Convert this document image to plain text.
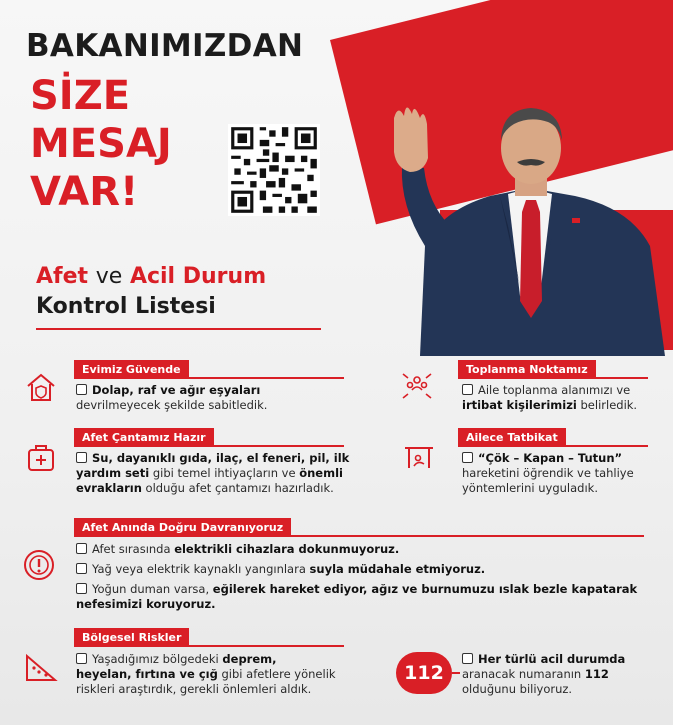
BAKANIMIZDAN
SİZE
MESAJ
VAR!
Afet ve Acil Durum
Kontrol Listesi
Evimiz Güvende
Dolap, raf ve ağır eşyaları
devrilmeyecek şekilde sabitledik.
Toplanma Noktamız
Aile toplanma alanımızı ve
irtibat kişilerimizi belirledik.
Afet Çantamız Hazır
Su, dayanıklı gıda, ilaç, el feneri, pil, ilk
yardım seti gibi temel ihtiyaçların ve önemli
evrakların olduğu afet çantamızı hazırladık.
Ailece Tatbikat
“Çök – Kapan – Tutun”
hareketini öğrendik ve tahliye
yöntemlerini uyguladık.
Afet Anında Doğru Davranıyoruz
Afet sırasında elektrikli cihazlara dokunmuyoruz.
Yağ veya elektrik kaynaklı yangınlara suyla müdahale etmiyoruz.
Yoğun duman varsa, eğilerek hareket ediyor, ağız ve burnumuzu ıslak bezle kapatarak
nefesimizi koruyoruz.
Bölgesel Riskler
Yaşadığımız bölgedeki deprem,
heyelan, fırtına ve çığ gibi afetlere yönelik
riskleri araştırdık, gerekli önlemleri aldık.
112
Her türlü acil durumda
aranacak numaranın 112
olduğunu biliyoruz.
